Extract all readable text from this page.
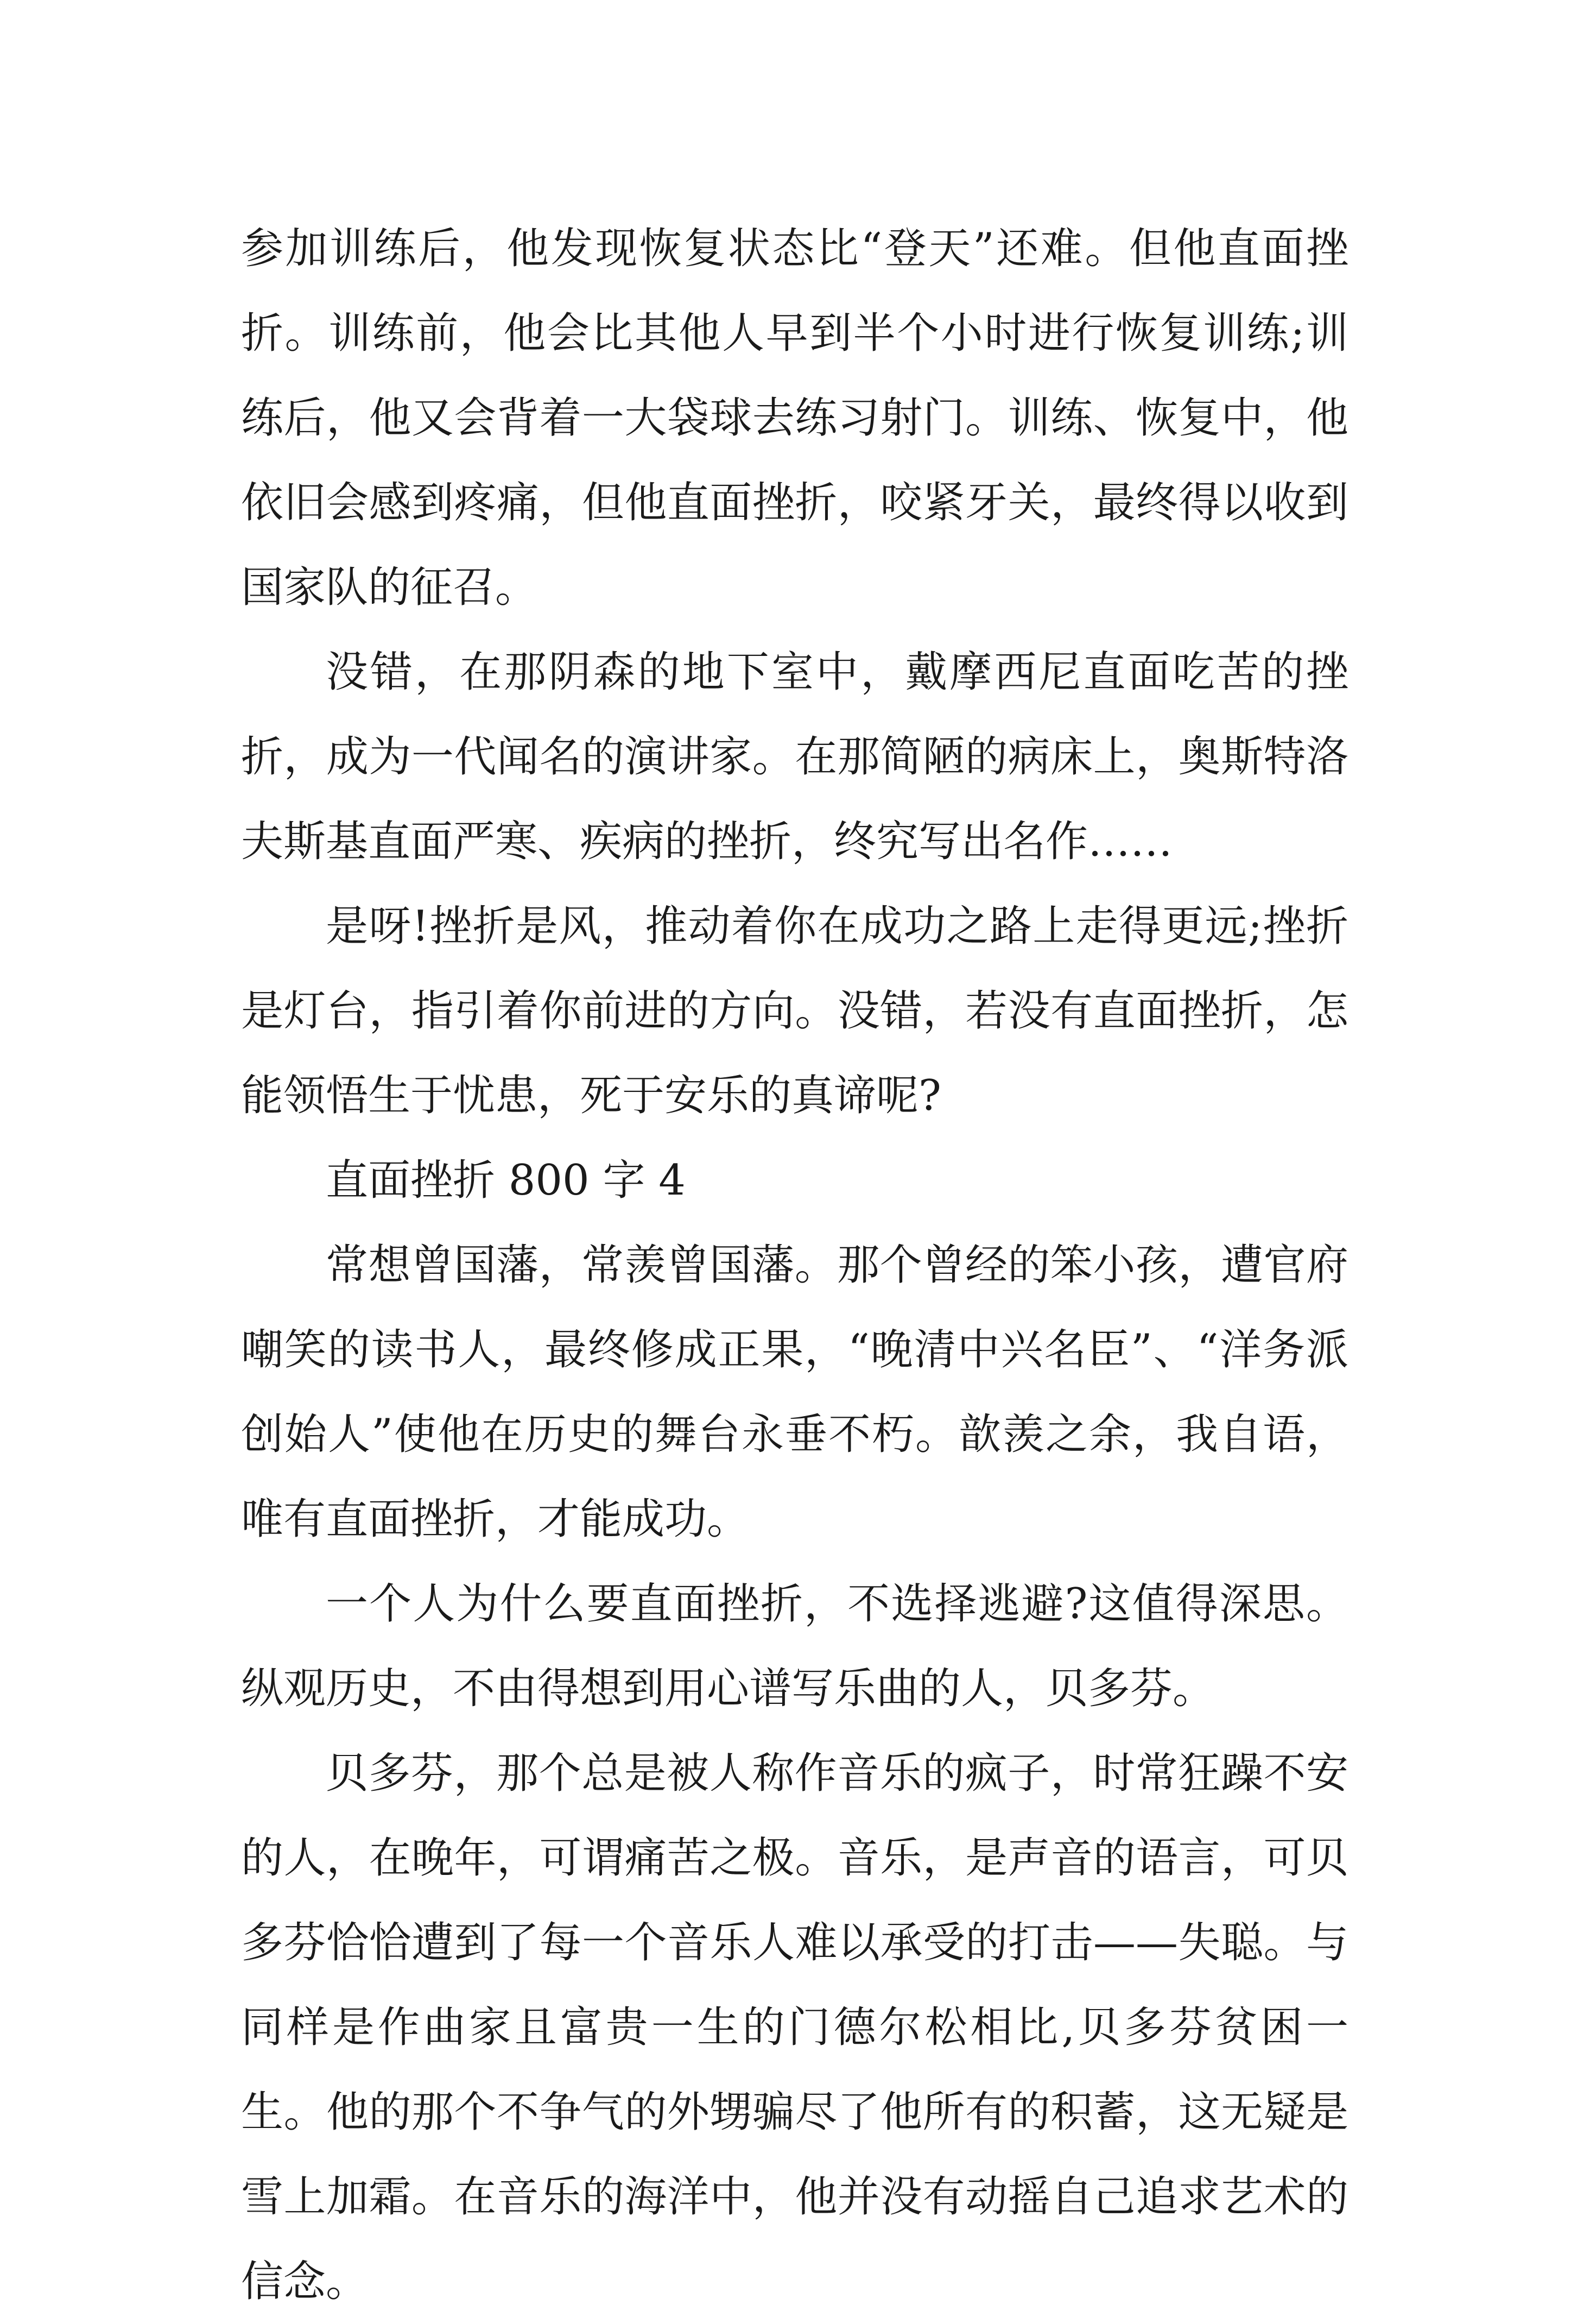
参加训练后，他发现恢复状态比“登天”还难。但他直面挫折。训练前，他会比其他人早到半个小时进行恢复训练;训练后，他又会背着一大袋球去练习射门。训练、恢复中，他依旧会感到疼痛，但他直面挫折，咬紧牙关，最终得以收到国家队的征召。

没错，在那阴森的地下室中，戴摩西尼直面吃苦的挫折，成为一代闻名的演讲家。在那简陋的病床上，奥斯特洛夫斯基直面严寒、疾病的挫折，终究写出名作……

是呀!挫折是风，推动着你在成功之路上走得更远;挫折是灯台，指引着你前进的方向。没错，若没有直面挫折，怎能领悟生于忧患，死于安乐的真谛呢?

直面挫折 800 字 4

常想曾国藩，常羡曾国藩。那个曾经的笨小孩，遭官府嘲笑的读书人，最终修成正果，“晚清中兴名臣”、“洋务派创始人”使他在历史的舞台永垂不朽。歆羡之余，我自语，唯有直面挫折，才能成功。

一个人为什么要直面挫折，不选择逃避?这值得深思。纵观历史，不由得想到用心谱写乐曲的人，贝多芬。

贝多芬，那个总是被人称作音乐的疯子，时常狂躁不安的人，在晚年，可谓痛苦之极。音乐，是声音的语言，可贝多芬恰恰遭到了每一个音乐人难以承受的打击——失聪。与同样是作曲家且富贵一生的门德尔松相比,贝多芬贫困一生。他的那个不争气的外甥骗尽了他所有的积蓄，这无疑是雪上加霜。在音乐的海洋中，他并没有动摇自己追求艺术的信念。
